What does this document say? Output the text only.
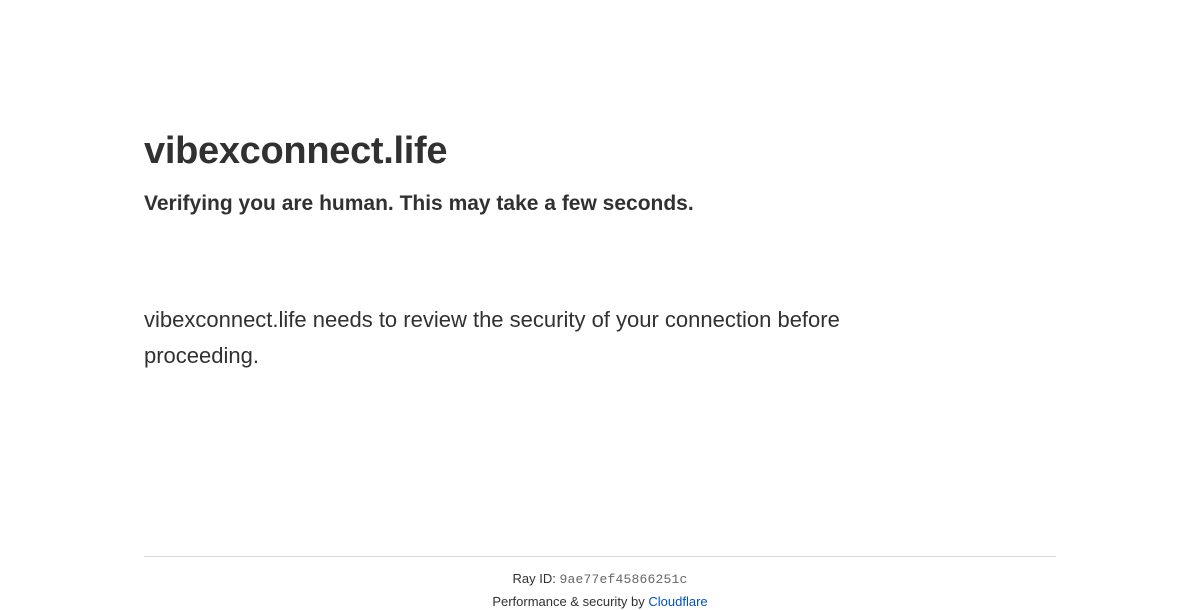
vibexconnect.life
Verifying you are human. This may take a few seconds.

vibexconnect.life needs to review the security of your connection before proceeding.

Ray ID: 9ae77ef45866251c
Performance & security by Cloudflare
